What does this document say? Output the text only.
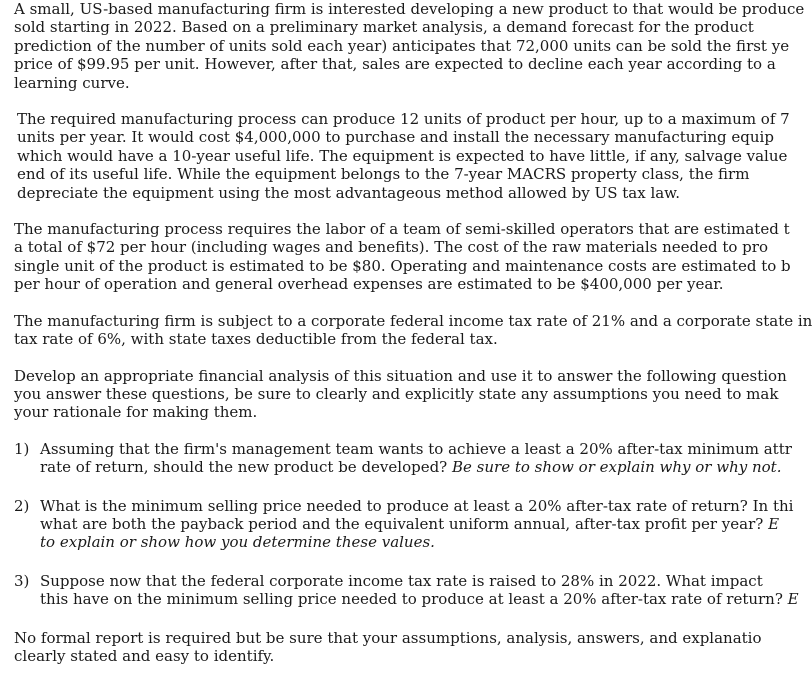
A small, US-based manufacturing firm is interested developing a new product to that would be produce

sold starting in 2022. Based on a preliminary market analysis, a demand forecast for the product

prediction of the number of units sold each year) anticipates that 72,000 units can be sold the first ye

price of $99.95 per unit. However, after that, sales are expected to decline each year according to a

learning curve.

The required manufacturing process can produce 12 units of product per hour, up to a maximum of 7

units per year. It would cost $4,000,000 to purchase and install the necessary manufacturing equip

which would have a 10-year useful life. The equipment is expected to have little, if any, salvage value

end of its useful life. While the equipment belongs to the 7-year MACRS property class, the firm

depreciate the equipment using the most advantageous method allowed by US tax law.

The manufacturing process requires the labor of a team of semi-skilled operators that are estimated t

a total of $72 per hour (including wages and benefits). The cost of the raw materials needed to pro

single unit of the product is estimated to be $80. Operating and maintenance costs are estimated to b

per hour of operation and general overhead expenses are estimated to be $400,000 per year.

The manufacturing firm is subject to a corporate federal income tax rate of 21% and a corporate state in

tax rate of 6%, with state taxes deductible from the federal tax.

Develop an appropriate financial analysis of this situation and use it to answer the following question

you answer these questions, be sure to clearly and explicitly state any assumptions you need to mak

your rationale for making them.

1) Assuming that the firm's management team wants to achieve a least a 20% after-tax minimum attr

rate of return, should the new product be developed? Be sure to show or explain why or why not.

2) What is the minimum selling price needed to produce at least a 20% after-tax rate of return? In thi

what are both the payback period and the equivalent uniform annual, after-tax profit per year? E

to explain or show how you determine these values.

3) Suppose now that the federal corporate income tax rate is raised to 28% in 2022. What impact

this have on the minimum selling price needed to produce at least a 20% after-tax rate of return? E

No formal report is required but be sure that your assumptions, analysis, answers, and explanatio

clearly stated and easy to identify.
